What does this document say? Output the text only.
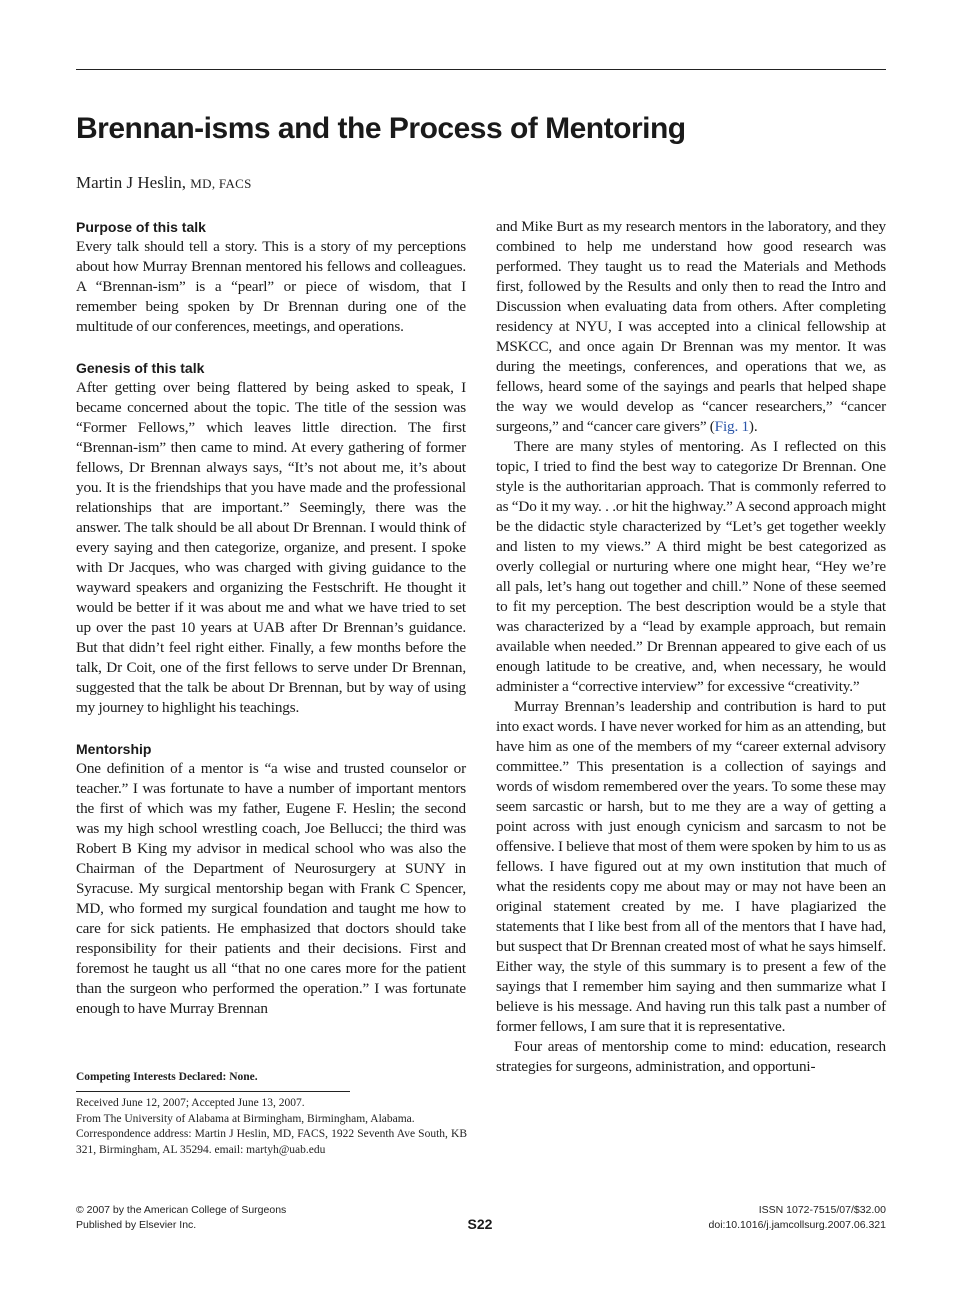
Brennan-isms and the Process of Mentoring
Martin J Heslin, MD, FACS
Purpose of this talk

Every talk should tell a story. This is a story of my perceptions about how Murray Brennan mentored his fellows and colleagues. A “Brennan-ism” is a “pearl” or piece of wisdom, that I remember being spoken by Dr Brennan during one of the multitude of our conferences, meetings, and operations.

Genesis of this talk

After getting over being flattered by being asked to speak, I became concerned about the topic. The title of the session was “Former Fellows,” which leaves little direction. The first “Brennan-ism” then came to mind. At every gathering of former fellows, Dr Brennan always says, “It’s not about me, it’s about you. It is the friendships that you have made and the professional relationships that are important.” Seemingly, there was the answer. The talk should be all about Dr Brennan. I would think of every saying and then categorize, organize, and present. I spoke with Dr Jacques, who was charged with giving guidance to the wayward speakers and organizing the Festschrift. He thought it would be better if it was about me and what we have tried to set up over the past 10 years at UAB after Dr Brennan’s guidance. But that didn’t feel right either. Finally, a few months before the talk, Dr Coit, one of the first fellows to serve under Dr Brennan, suggested that the talk be about Dr Brennan, but by way of using my journey to highlight his teachings.

Mentorship

One definition of a mentor is “a wise and trusted counselor or teacher.” I was fortunate to have a number of important mentors the first of which was my father, Eugene F. Heslin; the second was my high school wrestling coach, Joe Bellucci; the third was Robert B King my advisor in medical school who was also the Chairman of the Department of Neurosurgery at SUNY in Syracuse. My surgical mentorship began with Frank C Spencer, MD, who formed my surgical foundation and taught me how to care for sick patients. He emphasized that doctors should take responsibility for their patients and their decisions. First and foremost he taught us all “that no one cares more for the patient than the surgeon who performed the operation.” I was fortunate enough to have Murray Brennan

and Mike Burt as my research mentors in the laboratory, and they combined to help me understand how good research was performed. They taught us to read the Materials and Methods first, followed by the Results and only then to read the Intro and Discussion when evaluating data from others. After completing residency at NYU, I was accepted into a clinical fellowship at MSKCC, and once again Dr Brennan was my mentor. It was during the meetings, conferences, and operations that we, as fellows, heard some of the sayings and pearls that helped shape the way we would develop as “cancer researchers,” “cancer surgeons,” and “cancer care givers” (Fig. 1).

There are many styles of mentoring. As I reflected on this topic, I tried to find the best way to categorize Dr Brennan. One style is the authoritarian approach. That is commonly referred to as “Do it my way. . .or hit the highway.” A second approach might be the didactic style characterized by “Let’s get together weekly and listen to my views.” A third might be best categorized as overly collegial or nurturing where one might hear, “Hey we’re all pals, let’s hang out together and chill.” None of these seemed to fit my perception. The best description would be a style that was characterized by a “lead by example approach, but remain available when needed.” Dr Brennan appeared to give each of us enough latitude to be creative, and, when necessary, he would administer a “corrective interview” for excessive “creativity.”

Murray Brennan’s leadership and contribution is hard to put into exact words. I have never worked for him as an attending, but have him as one of the members of my “career external advisory committee.” This presentation is a collection of sayings and words of wisdom remembered over the years. To some these may seem sarcastic or harsh, but to me they are a way of getting a point across with just enough cynicism and sarcasm to not be offensive. I believe that most of them were spoken by him to us as fellows. I have figured out at my own institution that much of what the residents copy me about may or may not have been an original statement created by me. I have plagiarized the statements that I like best from all of the mentors that I have had, but suspect that Dr Brennan created most of what he says himself. Either way, the style of this summary is to present a few of the sayings that I remember him saying and then summarize what I believe is his message. And having run this talk past a number of former fellows, I am sure that it is representative.

Four areas of mentorship come to mind: education, research strategies for surgeons, administration, and opportuni-

Competing Interests Declared: None.

Received June 12, 2007; Accepted June 13, 2007.

From The University of Alabama at Birmingham, Birmingham, Alabama.

Correspondence address: Martin J Heslin, MD, FACS, 1922 Seventh Ave South, KB 321, Birmingham, AL 35294. email: martyh@uab.edu

© 2007 by the American College of Surgeons
Published by Elsevier Inc.	S22
ISSN 1072-7515/07/$32.00
doi:10.1016/j.jamcollsurg.2007.06.321
